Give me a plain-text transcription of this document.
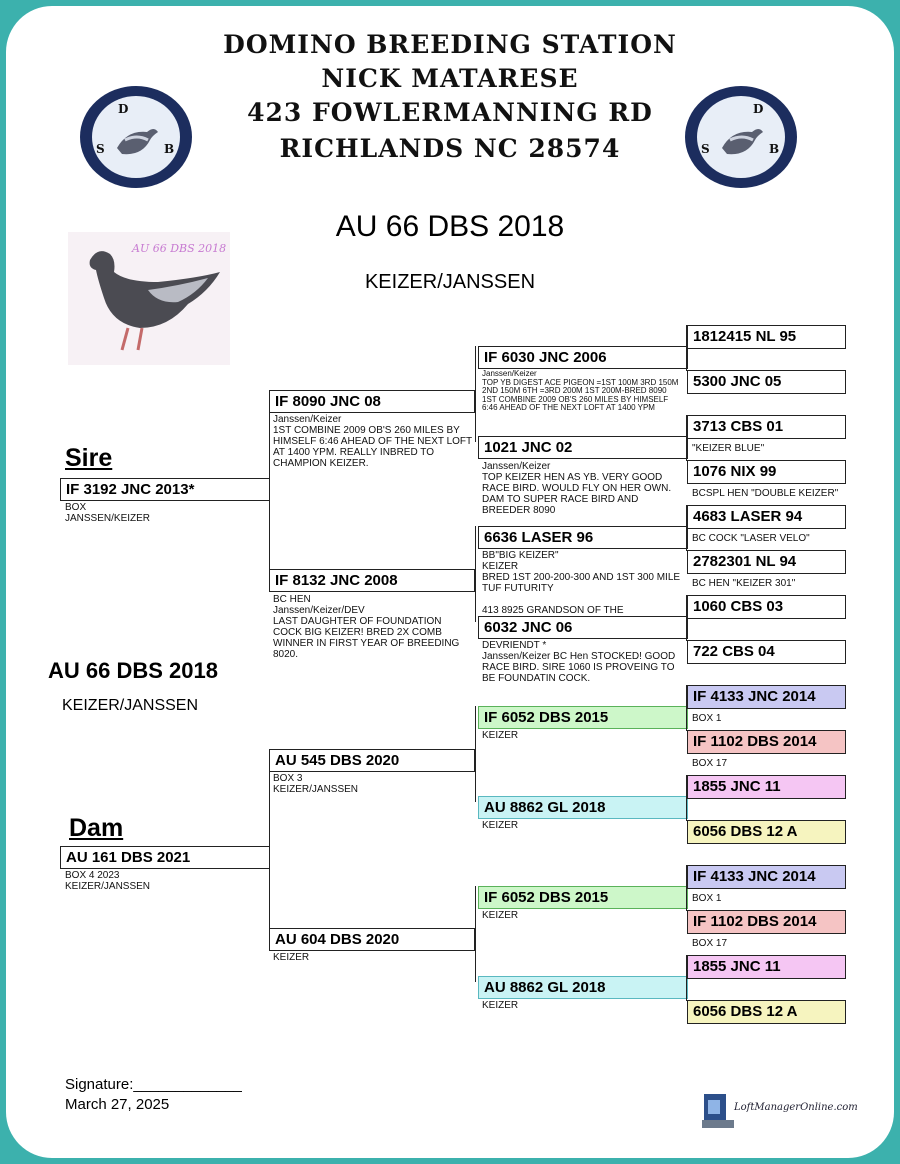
DOMINO BREEDING STATION
NICK MATARESE
423 FOWLERMANNING RD
RICHLANDS NC 28574
D
S	B
D
S	B
AU 66 DBS 2018
AU 66 DBS 2018
KEIZER/JANSSEN
AU 66 DBS 2018
KEIZER/JANSSEN
Sire
Dam
IF 3192 JNC 2013*
BOX
JANSSEN/KEIZER
AU 161 DBS 2021
BOX 4 2023
KEIZER/JANSSEN
IF 8090 JNC 08
Janssen/Keizer
1ST COMBINE 2009 OB'S 260 MILES BY HIMSELF 6:46 AHEAD OF THE NEXT LOFT AT 1400 YPM. REALLY INBRED TO CHAMPION KEIZER.
IF 8132 JNC 2008
BC HEN
Janssen/Keizer/DEV
LAST DAUGHTER OF FOUNDATION COCK BIG KEIZER! BRED 2X COMB WINNER IN FIRST YEAR OF BREEDING 8020.
AU 545 DBS 2020
BOX 3
KEIZER/JANSSEN
AU 604 DBS 2020
KEIZER
IF 6030 JNC 2006
Janssen/Keizer
TOP YB DIGEST ACE PIGEON =1ST 100M 3RD 150M 2ND 150M 6TH =3RD 200M 1ST 200M-BRED 8090 1ST COMBINE 2009 OB'S 260 MILES BY HIMSELF 6:46 AHEAD OF THE NEXT LOFT AT 1400 YPM
1021 JNC 02
Janssen/Keizer
TOP KEIZER HEN AS YB. VERY GOOD RACE BIRD. WOULD FLY ON HER OWN. DAM TO SUPER RACE BIRD AND BREEDER 8090
6636 LASER 96
BB"BIG KEIZER"
KEIZER
BRED 1ST 200-200-300 AND 1ST 300 MILE TUF FUTURITY

413 8925 GRANDSON OF THE
6032 JNC 06
DEVRIENDT *
Janssen/Keizer BC Hen STOCKED! GOOD RACE BIRD. SIRE 1060 IS PROVEING TO BE FOUNDATIN COCK.
IF 6052 DBS 2015
KEIZER
AU 8862 GL 2018
KEIZER
IF 6052 DBS 2015
KEIZER
AU 8862 GL 2018
KEIZER
1812415 NL 95
5300 JNC 05
3713 CBS 01
"KEIZER BLUE"
1076 NIX 99
BCSPL HEN "DOUBLE KEIZER"
4683 LASER 94
BC COCK "LASER VELO"
2782301 NL 94
BC HEN "KEIZER 301"
1060 CBS 03
722 CBS 04
IF 4133 JNC 2014
BOX 1
IF 1102 DBS 2014
BOX 17
1855 JNC 11
6056 DBS 12 A
IF 4133 JNC 2014
BOX 1
IF 1102 DBS 2014
BOX 17
1855 JNC 11
6056 DBS 12 A
Signature:_____________
March 27, 2025	LoftManagerOnline.com
